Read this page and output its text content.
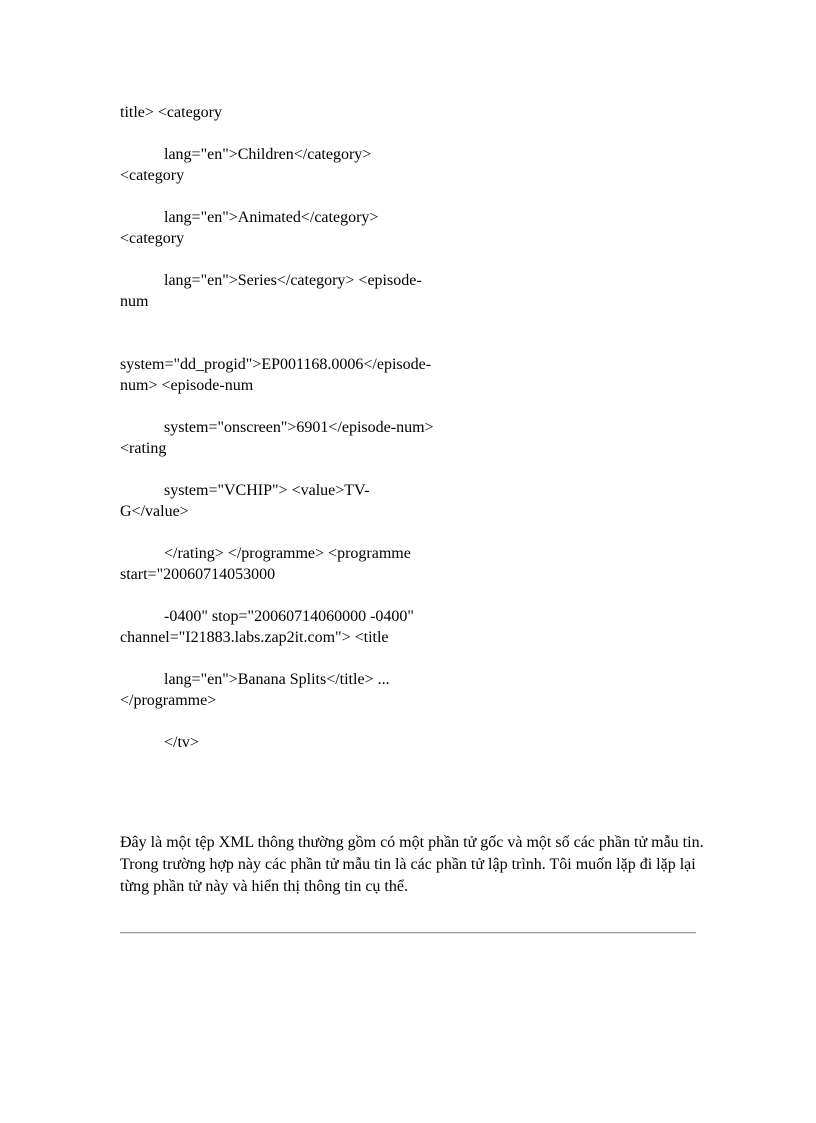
title> <category

lang="en">Children</category>

<category

lang="en">Animated</category>

<category

lang="en">Series</category> <episode-

num

system="dd_progid">EP001168.0006</episode-

num> <episode-num

system="onscreen">6901</episode-num>

<rating

system="VCHIP"> <value>TV-

G</value>

</rating> </programme> <programme

start="20060714053000

-0400" stop="20060714060000 -0400"

channel="I21883.labs.zap2it.com"> <title

lang="en">Banana Splits</title> ...

</programme>

</tv>

Đây là một tệp XML thông thường gồm có một phần tử gốc và một số các phần tử mẫu tin. Trong trường hợp này các phần tử mẫu tin là các phần tử lập trình. Tôi muốn lặp đi lặp lại từng phần tử này và hiển thị thông tin cụ thể.
